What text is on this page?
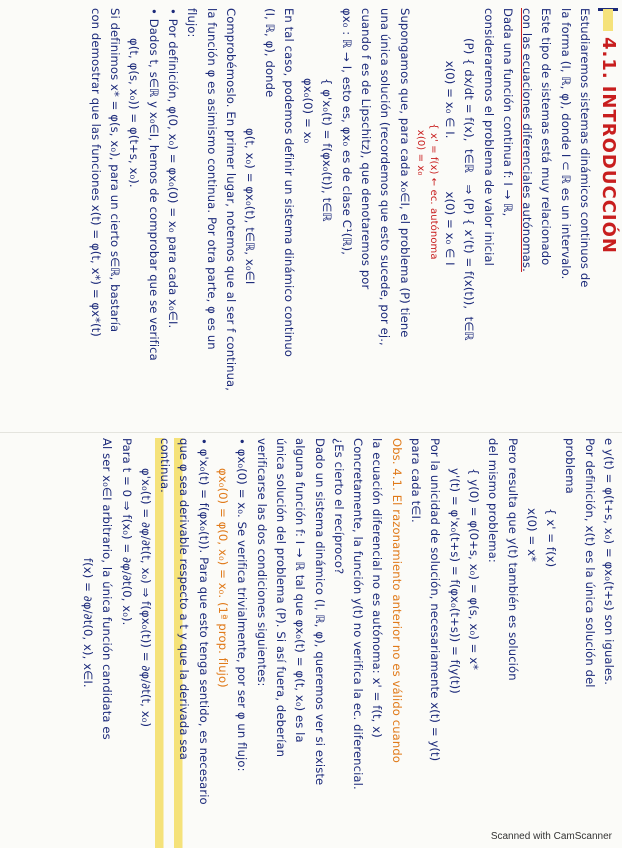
4.1.
INTRODUCCIÓN
Estudiaremos sistemas dinámicos continuos de
la forma (I, ℝ, φ), donde I ⊂ ℝ es un intervalo.
Este tipo de sistemas está muy relacionado
con las ecuaciones diferenciales autónomas.
Dada una función continua f: I → ℝ,
consideraremos el problema de valor inicial
(P) { dx/dt = f(x),  t∈ℝ   ⇒ (P) { x'(t) = f(x(t)),  t∈ℝ
x(0) = x₀ ∈ I.              x(0) = x₀ ∈ I
{ x' = f(x) ← ec. autónoma
x(0) = x₀
Supongamos que, para cada x₀∈I, el problema (P) tiene
una única solución (recordemos que esto sucede, por ej.,
cuando f es de Lipschitz), que denotaremos por
φx₀ : ℝ → I, esto es, φx₀ es de clase C¹(ℝ),
{ φ'x₀(t) = f(φx₀(t)), t∈ℝ
φx₀(0) = x₀
En tal caso, podemos definir un sistema dinámico continuo
(I, ℝ, φ), donde
φ(t, x₀) = φx₀(t), t∈ℝ, x₀∈I
Comprobémoslo. En primer lugar, notemos que al ser f continua,
la función φ es asimismo continua. Por otra parte, φ es un
flujo:
• Por definición, φ(0, x₀) = φx₀(0) = x₀ para cada x₀∈I.
• Dados t, s∈ℝ y x₀∈I, hemos de comprobar que se verifica
φ(t, φ(s, x₀)) = φ(t+s, x₀).
Si definimos x* = φ(s, x₀), para un cierto s∈ℝ, bastaría
con demostrar que las funciones x(t) = φ(t, x*) = φx*(t)
e y(t) = φ(t+s, x₀) = φx₀(t+s) son iguales.
Por definición, x(t) es la única solución del
problema
{ x' = f(x)
x(0) = x*
Pero resulta que y(t) también es solución
del mismo problema:
{ y(0) = φ(0+s, x₀) = φ(s, x₀) = x*
y'(t) = φ'x₀(t+s) = f(φx₀(t+s)) = f(y(t))
Por la unicidad de solución, necesariamente x(t) = y(t)
para cada t∈I.
Obs. 4.1. El razonamiento anterior no es válido cuando
la ecuación diferencial no es autónoma: x' = f(t, x)
Concretamente, la función y(t) no verifica la ec. diferencial.
¿Es cierto el recíproco?
Dado un sistema dinámico (I, ℝ, φ), queremos ver si existe
alguna función f: I → ℝ tal que φx₀(t) = φ(t, x₀) es la
única solución del problema (P). Si así fuera, deberían
verificarse las dos condiciones siguientes:
• φx₀(0) = x₀. Se verifica trivialmente, por ser φ un flujo:
φx₀(0) = φ(0, x₀) = x₀. (1ª prop. flujo)
• φ'x₀(t) = f(φx₀(t)). Para que esto tenga sentido, es necesario
que φ sea derivable respecto a t y que la derivada sea
continua.
φ'x₀(t) = ∂φ/∂t(t, x₀) ⇒ f(φx₀(t)) = ∂φ/∂t(t, x₀)
Para t = 0 ⇒ f(x₀) = ∂φ/∂t(0, x₀).
Al ser x₀∈I arbitrario, la única función candidata es
f(x) = ∂φ/∂t(0, x), x∈I.
Scanned with CamScanner
